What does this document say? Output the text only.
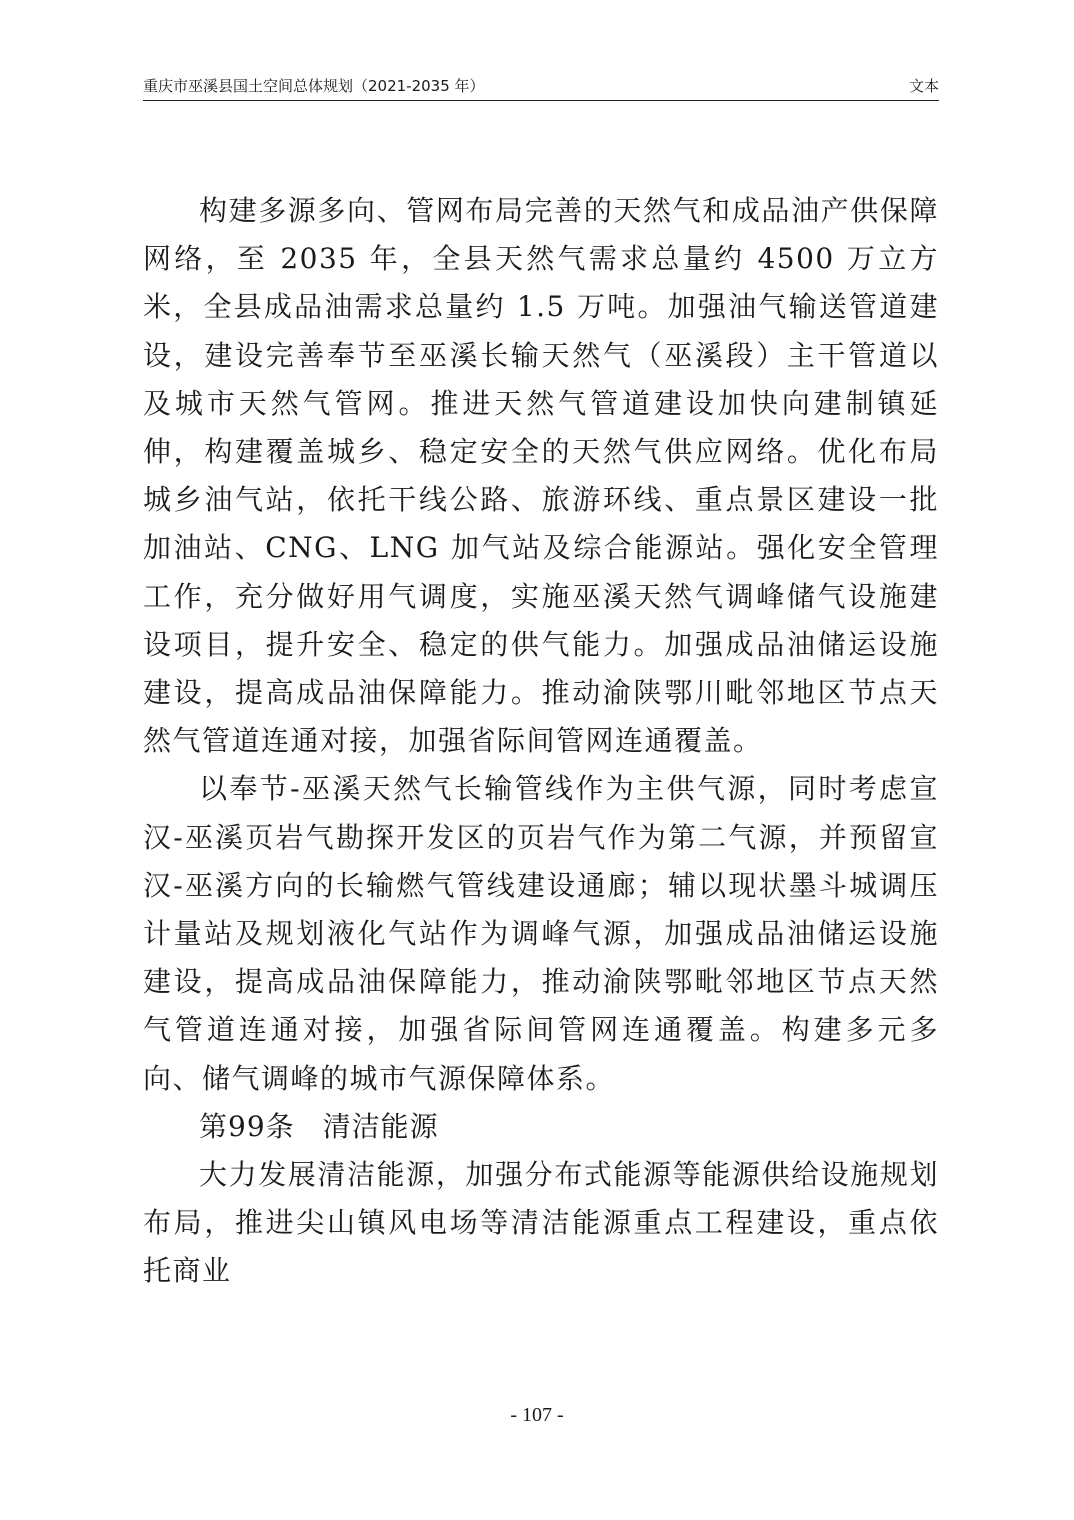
重庆市巫溪县国土空间总体规划（2021-2035 年）	文本

构建多源多向、管网布局完善的天然气和成品油产供保障网络，至 2035 年，全县天然气需求总量约 4500 万立方米，全县成品油需求总量约 1.5 万吨。加强油气输送管道建设，建设完善奉节至巫溪长输天然气（巫溪段）主干管道以及城市天然气管网。推进天然气管道建设加快向建制镇延伸，构建覆盖城乡、稳定安全的天然气供应网络。优化布局城乡油气站，依托干线公路、旅游环线、重点景区建设一批加油站、CNG、LNG 加气站及综合能源站。强化安全管理工作，充分做好用气调度，实施巫溪天然气调峰储气设施建设项目，提升安全、稳定的供气能力。加强成品油储运设施建设，提高成品油保障能力。推动渝陕鄂川毗邻地区节点天然气管道连通对接，加强省际间管网连通覆盖。

以奉节-巫溪天然气长输管线作为主供气源，同时考虑宣汉-巫溪页岩气勘探开发区的页岩气作为第二气源，并预留宣汉-巫溪方向的长输燃气管线建设通廊；辅以现状墨斗城调压计量站及规划液化气站作为调峰气源，加强成品油储运设施建设，提高成品油保障能力，推动渝陕鄂毗邻地区节点天然气管道连通对接，加强省际间管网连通覆盖。构建多元多向、储气调峰的城市气源保障体系。

第99条 清洁能源

大力发展清洁能源，加强分布式能源等能源供给设施规划布局，推进尖山镇风电场等清洁能源重点工程建设，重点依托商业

- 107 -
